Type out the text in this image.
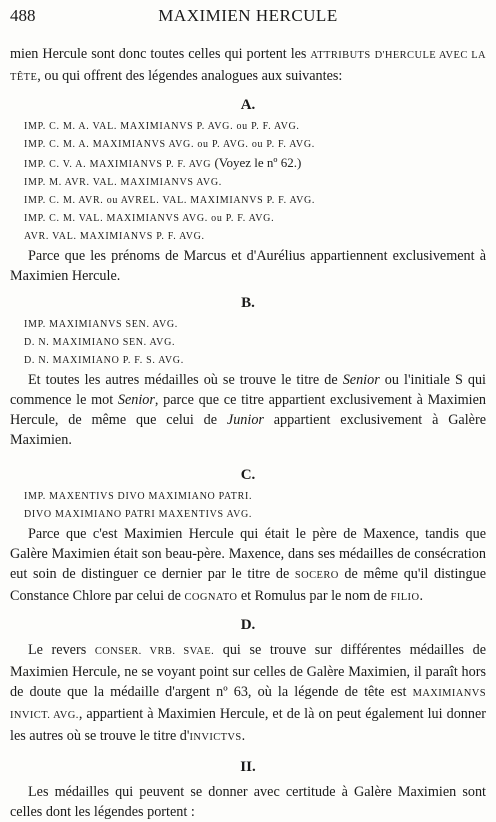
488	MAXIMIEN HERCULE

mien Hercule sont donc toutes celles qui portent les ATTRIBUTS D'HERCULE AVEC LA TÊTE, ou qui offrent des légendes analogues aux suivantes:

A.
IMP. C. M. A. VAL. MAXIMIANVS P. AVG. ou P. F. AVG.
IMP. C. M. A. MAXIMIANVS AVG. ou P. AVG. ou P. F. AVG.
IMP. C. V. A. MAXIMIANVS P. F. AVG (Voyez le nº 62.)
IMP. M. AVR. VAL. MAXIMIANVS AVG.
IMP. C. M. AVR. ou AVREL. VAL. MAXIMIANVS P. F. AVG.
IMP. C. M. VAL. MAXIMIANVS AVG. ou P. F. AVG.
AVR. VAL. MAXIMIANVS P. F. AVG.

Parce que les prénoms de Marcus et d'Aurélius appartiennent exclusivement à Maximien Hercule.

B.
IMP. MAXIMIANVS SEN. AVG.
D. N. MAXIMIANO SEN. AVG.
D. N. MAXIMIANO P. F. S. AVG.

Et toutes les autres médailles où se trouve le titre de Senior ou l'initiale S qui commence le mot Senior, parce que ce titre appartient exclusivement à Maximien Hercule, de même que celui de Junior appartient exclusivement à Galère Maximien.

C.
IMP. MAXENTIVS DIVO MAXIMIANO PATRI.
DIVO MAXIMIANO PATRI MAXENTIVS AVG.

Parce que c'est Maximien Hercule qui était le père de Maxence, tandis que Galère Maximien était son beau-père. Maxence, dans ses médailles de consécration eut soin de distinguer ce dernier par le titre de SOCERO de même qu'il distingue Constance Chlore par celui de COGNATO et Romulus par le nom de FILIO.

D.

Le revers CONSER. VRB. SVAE. qui se trouve sur différentes médailles de Maximien Hercule, ne se voyant point sur celles de Galère Maximien, il paraît hors de doute que la médaille d'argent nº 63, où la légende de tête est MAXIMIANVS INVICT. AVG., appartient à Maximien Hercule, et de là on peut également lui donner les autres où se trouve le titre d'INVICTVS.

II.

Les médailles qui peuvent se donner avec certitude à Galère Maximien sont celles dont les légendes portent :
